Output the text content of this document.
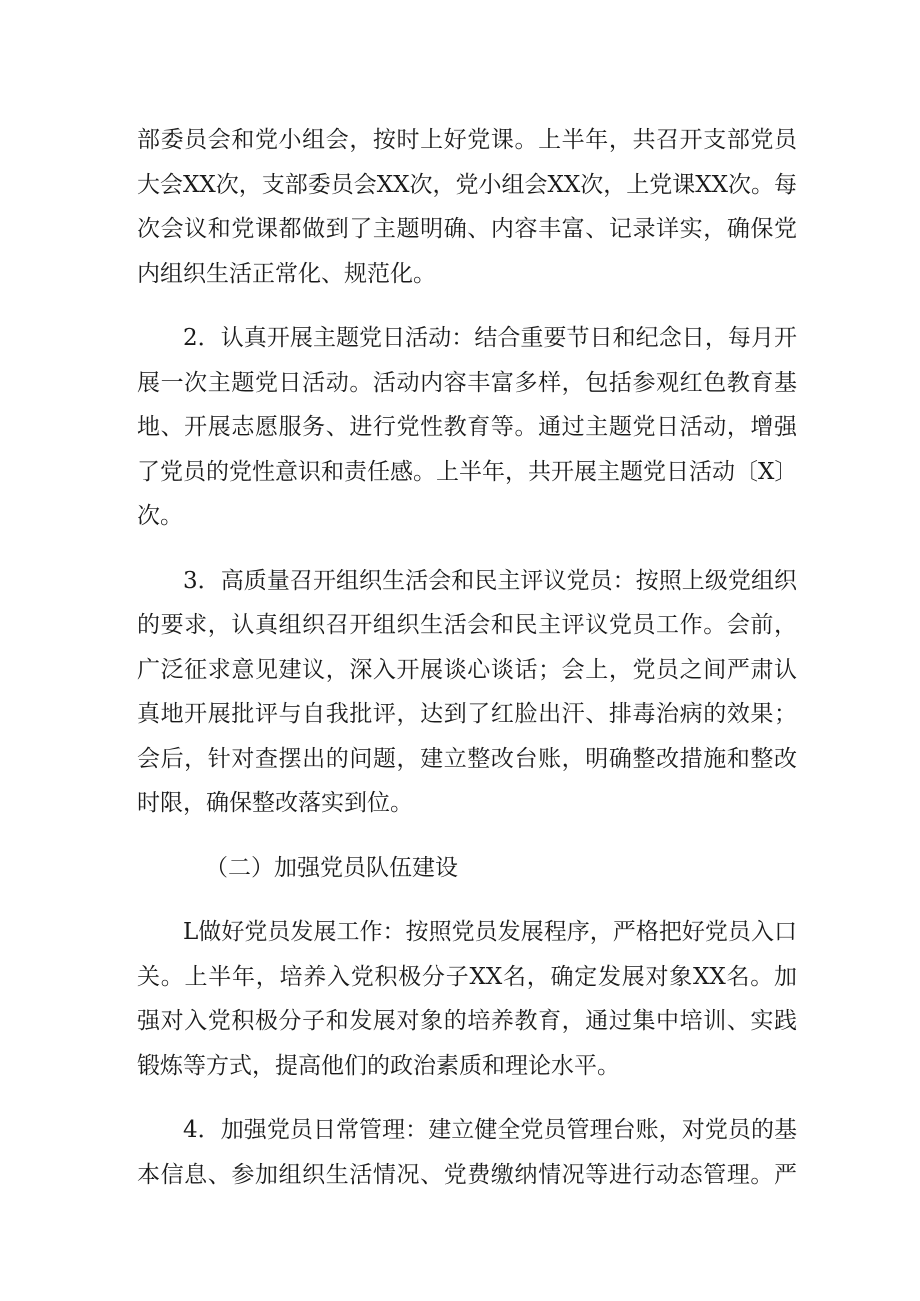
部委员会和党小组会，按时上好党课。上半年，共召开支部党员
大会XX次，支部委员会XX次，党小组会XX次，上党课XX次。每
次会议和党课都做到了主题明确、内容丰富、记录详实，确保党
内组织生活正常化、规范化。

2．认真开展主题党日活动：结合重要节日和纪念日，每月开
展一次主题党日活动。活动内容丰富多样，包括参观红色教育基
地、开展志愿服务、进行党性教育等。通过主题党日活动，增强
了党员的党性意识和责任感。上半年，共开展主题党日活动〔X〕
次。

3．高质量召开组织生活会和民主评议党员：按照上级党组织
的要求，认真组织召开组织生活会和民主评议党员工作。会前，
广泛征求意见建议，深入开展谈心谈话；会上，党员之间严肃认
真地开展批评与自我批评，达到了红脸出汗、排毒治病的效果；
会后，针对查摆出的问题，建立整改台账，明确整改措施和整改
时限，确保整改落实到位。

（二）加强党员队伍建设

L做好党员发展工作：按照党员发展程序，严格把好党员入口
关。上半年，培养入党积极分子XX名，确定发展对象XX名。加
强对入党积极分子和发展对象的培养教育，通过集中培训、实践
锻炼等方式，提高他们的政治素质和理论水平。

4．加强党员日常管理：建立健全党员管理台账，对党员的基
本信息、参加组织生活情况、党费缴纳情况等进行动态管理。严
